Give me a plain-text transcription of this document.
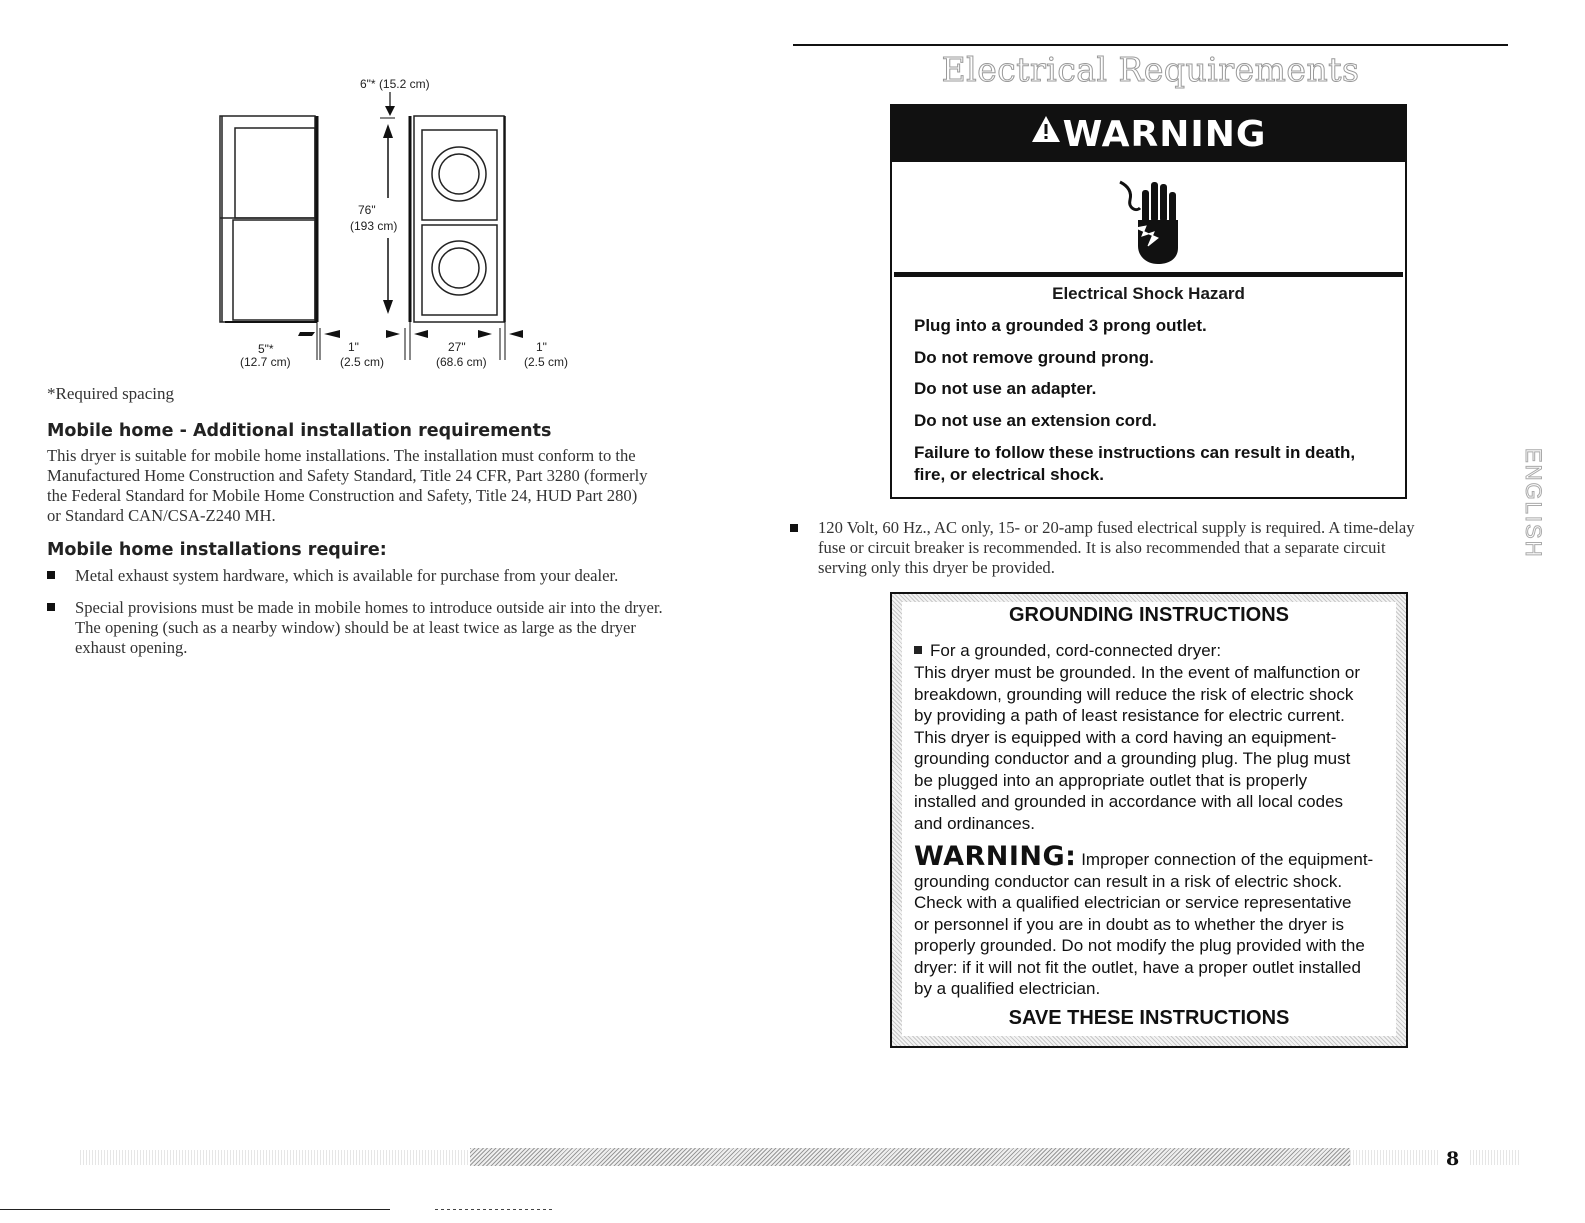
6"* (15.2 cm)
76"
(193 cm)
5"*
(12.7 cm)
1"
(2.5 cm)
27"
(68.6 cm)
1"
(2.5 cm)
*Required spacing
Mobile home - Additional installation requirements

This dryer is suitable for mobile home installations. The installation must conform to the

Manufactured Home Construction and Safety Standard, Title 24 CFR, Part 3280 (formerly

the Federal Standard for Mobile Home Construction and Safety, Title 24, HUD Part 280)

or Standard CAN/CSA-Z240 MH.

Mobile home installations require:
Metal exhaust system hardware, which is available for purchase from your dealer.
Special provisions must be made in mobile homes to introduce outside air into the dryer.
The opening (such as a nearby window) should be at least twice as large as the dryer
exhaust opening.
Electrical Requirements
WARNING
Electrical Shock Hazard
Plug into a grounded 3 prong outlet.
Do not remove ground prong.
Do not use an adapter.
Do not use an extension cord.
Failure to follow these instructions can result in death,
fire, or electrical shock.
120 Volt, 60 Hz., AC only, 15- or 20-amp fused electrical supply is required. A time-delay
fuse or circuit breaker is recommended. It is also recommended that a separate circuit
serving only this dryer be provided.
GROUNDING INSTRUCTIONS
For a grounded, cord-connected dryer:
This dryer must be grounded. In the event of malfunction or
breakdown, grounding will reduce the risk of electric shock
by providing a path of least resistance for electric current.
This dryer is equipped with a cord having an equipment-
grounding conductor and a grounding plug. The plug must
be plugged into an appropriate outlet that is properly
installed and grounded in accordance with all local codes
and ordinances.
WARNING: Improper connection of the equipment-
grounding conductor can result in a risk of electric shock.
Check with a qualified electrician or service representative
or personnel if you are in doubt as to whether the dryer is
properly grounded. Do not modify the plug provided with the
dryer: if it will not fit the outlet, have a proper outlet installed
by a qualified electrician.
SAVE THESE INSTRUCTIONS
ENGLISH
8
